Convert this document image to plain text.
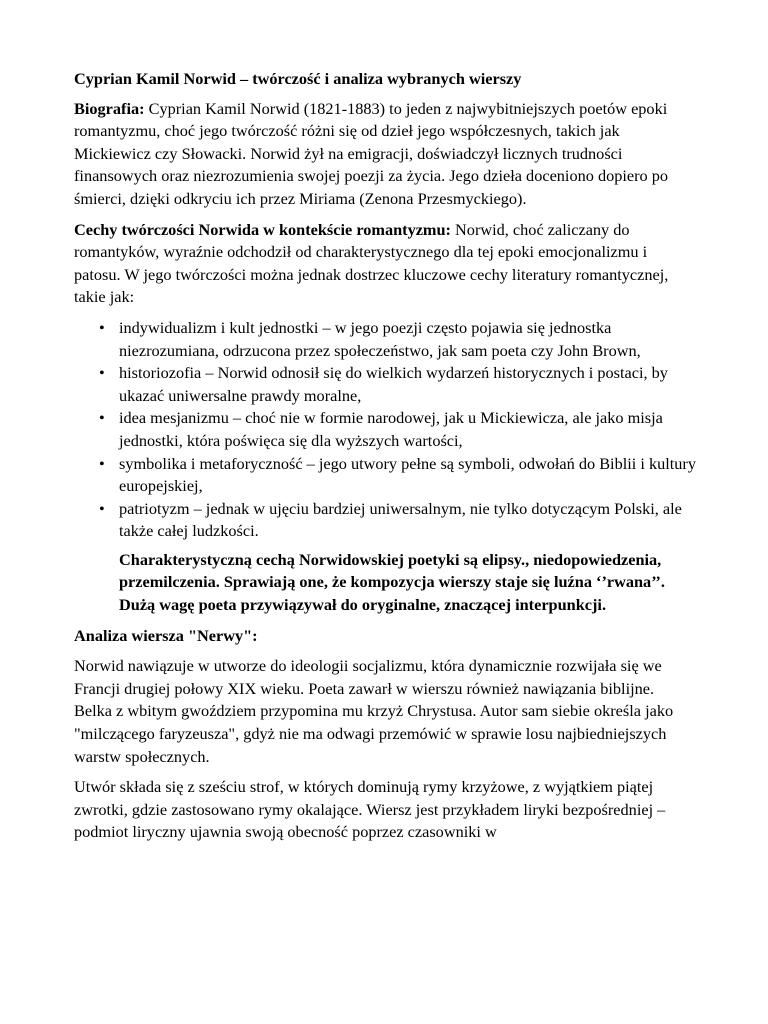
Cyprian Kamil Norwid – twórczość i analiza wybranych wierszy

Biografia: Cyprian Kamil Norwid (1821-1883) to jeden z najwybitniejszych poetów epoki romantyzmu, choć jego twórczość różni się od dzieł jego współczesnych, takich jak Mickiewicz czy Słowacki. Norwid żył na emigracji, doświadczył licznych trudności finansowych oraz niezrozumienia swojej poezji za życia. Jego dzieła doceniono dopiero po śmierci, dzięki odkryciu ich przez Miriama (Zenona Przesmyckiego).

Cechy twórczości Norwida w kontekście romantyzmu: Norwid, choć zaliczany do romantyków, wyraźnie odchodził od charakterystycznego dla tej epoki emocjonalizmu i patosu. W jego twórczości można jednak dostrzec kluczowe cechy literatury romantycznej, takie jak:

• indywidualizm i kult jednostki – w jego poezji często pojawia się jednostka niezrozumiana, odrzucona przez społeczeństwo, jak sam poeta czy John Brown,
• historiozofia – Norwid odnosił się do wielkich wydarzeń historycznych i postaci, by ukazać uniwersalne prawdy moralne,
• idea mesjanizmu – choć nie w formie narodowej, jak u Mickiewicza, ale jako misja jednostki, która poświęca się dla wyższych wartości,
• symbolika i metaforyczność – jego utwory pełne są symboli, odwołań do Biblii i kultury europejskiej,
• patriotyzm – jednak w ujęciu bardziej uniwersalnym, nie tylko dotyczącym Polski, ale także całej ludzkości.

Charakterystyczną cechą Norwidowskiej poetyki są elipsy., niedopowiedzenia, przemilczenia. Sprawiają one, że kompozycja wierszy staje się luźna ‘’rwana’’. Dużą wagę poeta przywiązywał do oryginalne, znaczącej interpunkcji.

Analiza wiersza "Nerwy":

Norwid nawiązuje w utworze do ideologii socjalizmu, która dynamicznie rozwijała się we Francji drugiej połowy XIX wieku. Poeta zawarł w wierszu również nawiązania biblijne. Belka z wbitym gwoździem przypomina mu krzyż Chrystusa. Autor sam siebie określa jako "milczącego faryzeusza", gdyż nie ma odwagi przemówić w sprawie losu najbiedniejszych warstw społecznych.

Utwór składa się z sześciu strof, w których dominują rymy krzyżowe, z wyjątkiem piątej zwrotki, gdzie zastosowano rymy okalające. Wiersz jest przykładem liryki bezpośredniej – podmiot liryczny ujawnia swoją obecność poprzez czasowniki w
